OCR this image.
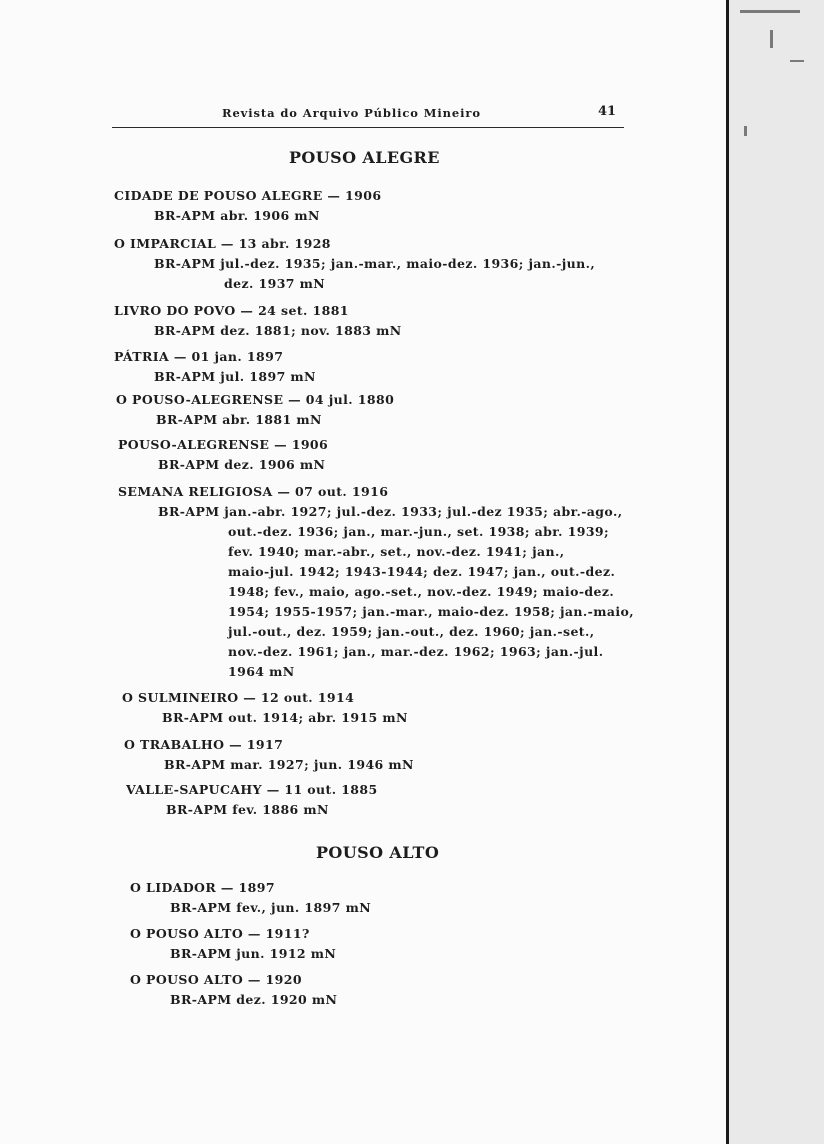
Revista do Arquivo Público Mineiro	41
POUSO ALEGRE
CIDADE DE POUSO ALEGRE — 1906
BR-APM abr. 1906 mN
O IMPARCIAL — 13 abr. 1928
BR-APM jul.-dez. 1935; jan.-mar., maio-dez. 1936; jan.-jun.,
dez. 1937 mN
LIVRO DO POVO — 24 set. 1881
BR-APM dez. 1881; nov. 1883 mN
PÁTRIA — 01 jan. 1897
BR-APM jul. 1897 mN
O POUSO-ALEGRENSE — 04 jul. 1880
BR-APM abr. 1881 mN
POUSO-ALEGRENSE — 1906
BR-APM dez. 1906 mN
SEMANA RELIGIOSA — 07 out. 1916
BR-APM jan.-abr. 1927; jul.-dez. 1933; jul.-dez 1935; abr.-ago.,
out.-dez. 1936; jan., mar.-jun., set. 1938; abr. 1939;
fev. 1940; mar.-abr., set., nov.-dez. 1941; jan.,
maio-jul. 1942; 1943-1944; dez. 1947; jan., out.-dez.
1948; fev., maio, ago.-set., nov.-dez. 1949; maio-dez.
1954; 1955-1957; jan.-mar., maio-dez. 1958; jan.-maio,
jul.-out., dez. 1959; jan.-out., dez. 1960; jan.-set.,
nov.-dez. 1961; jan., mar.-dez. 1962; 1963; jan.-jul.
1964 mN
O SULMINEIRO — 12 out. 1914
BR-APM out. 1914; abr. 1915 mN
O TRABALHO — 1917
BR-APM mar. 1927; jun. 1946 mN
VALLE-SAPUCAHY — 11 out. 1885
BR-APM fev. 1886 mN
POUSO ALTO
O LIDADOR — 1897
BR-APM fev., jun. 1897 mN
O POUSO ALTO — 1911?
BR-APM jun. 1912 mN
O POUSO ALTO — 1920
BR-APM dez. 1920 mN
